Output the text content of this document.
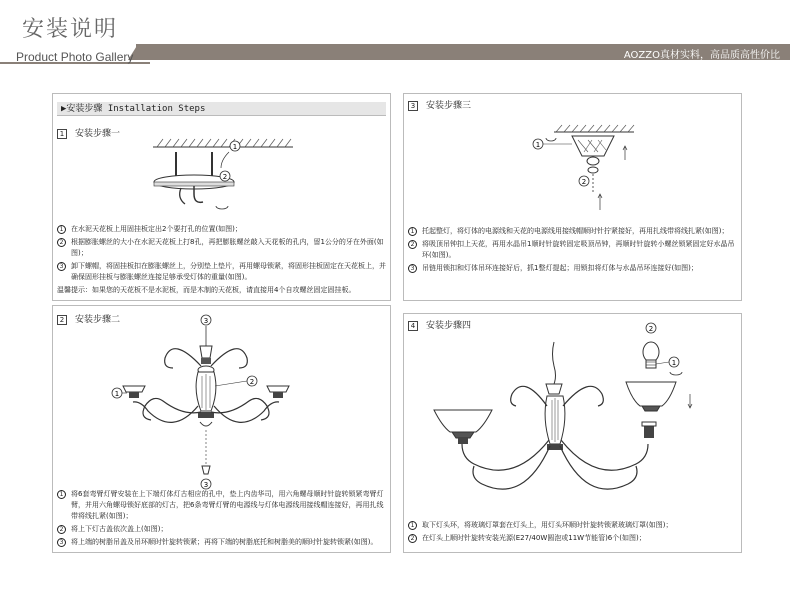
安装说明
Product Photo Gallery	AOZZO真材实料，高品质高性价比
▶安装步骤 Installation Steps
1 安装步骤一
1
2
1	在水泥天花板上用固挂板定出2个要打孔的位置(如图)；
2	根据膨胀螺丝的大小在水泥天花板上打8孔，再把膨胀螺丝敲入天花板的孔内，留1公分的牙在外面(如图)；
3	卸下螺帽，将固挂板扣在膨胀螺丝上，分别垫上垫片，再用螺母锁紧，将固形挂板固定在天花板上，并确保固形挂板与膨胀螺丝连接足够承受灯体的重量(如图)。
温馨提示：如果您的天花板不是水泥板，而是木制的天花板，请直接用4个自攻螺丝固定固挂板。
2 安装步骤二	3
1
2
3
1	将6套弯臂灯臂安装在上下端灯体灯古相应的孔中，垫上内齿华司，用六角螺母顺时针旋转锁紧弯臂灯臂，并用六角螺母锁好底部的灯古，把6条弯臂灯臂的电源线与灯体电源线用接线帽连接好，再用扎线带将线扎紧(如图)；
2	将上下灯古盖依次盖上(如图)；
3	将上端的树脂吊盖及吊环顺时针旋转锁紧；再将下端的树脂底托和树脂美的顺时针旋转锁紧(如图)。
3 安装步骤三
1
2
1	托起整灯，将灯体的电源线和天花的电源线用接线帽顺时针拧紧接好，再用扎线带将线扎紧(如图)；
2	将吸顶吊钟扣上天花，再用水晶吊1顺时针旋转固定吸顶吊钟，再顺时针旋转小螺丝锁紧固定好水晶吊环(如图)。
3	吊链用锁扣和灯体吊环连接好后，抓1整灯提起；用锁扣将灯体与水晶吊环连接好(如图)；
4 安装步骤四	2
1
1	取下灯头环，将玻璃灯罩套在灯头上，用灯头环顺时针旋转锁紧玻璃灯罩(如图)；
2	在灯头上顺时针旋转安装光源(E27/40W圆泡或11W节能管)6个(如图)；
